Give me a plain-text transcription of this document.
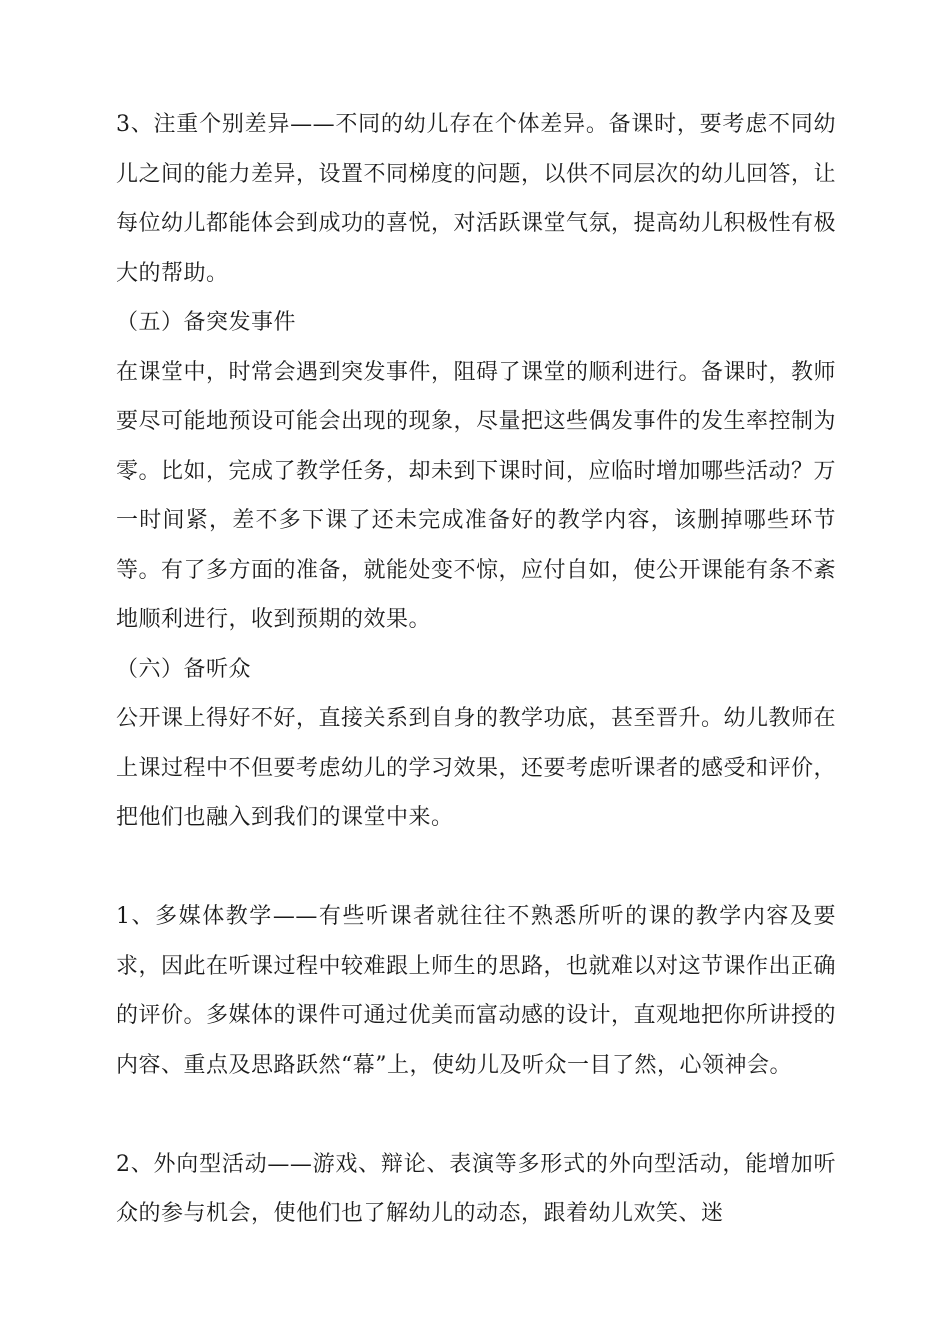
3、注重个别差异——不同的幼儿存在个体差异。备课时，要考虑不同幼儿之间的能力差异，设置不同梯度的问题，以供不同层次的幼儿回答，让每位幼儿都能体会到成功的喜悦，对活跃课堂气氛，提高幼儿积极性有极大的帮助。

（五）备突发事件

在课堂中，时常会遇到突发事件，阻碍了课堂的顺利进行。备课时，教师要尽可能地预设可能会出现的现象，尽量把这些偶发事件的发生率控制为零。比如，完成了教学任务，却未到下课时间，应临时增加哪些活动？万一时间紧，差不多下课了还未完成准备好的教学内容，该删掉哪些环节等。有了多方面的准备，就能处变不惊，应付自如，使公开课能有条不紊地顺利进行，收到预期的效果。

（六）备听众

公开课上得好不好，直接关系到自身的教学功底，甚至晋升。幼儿教师在上课过程中不但要考虑幼儿的学习效果，还要考虑听课者的感受和评价，把他们也融入到我们的课堂中来。

1、多媒体教学——有些听课者就往往不熟悉所听的课的教学内容及要求，因此在听课过程中较难跟上师生的思路，也就难以对这节课作出正确的评价。多媒体的课件可通过优美而富动感的设计，直观地把你所讲授的内容、重点及思路跃然“幕”上，使幼儿及听众一目了然，心领神会。

2、外向型活动——游戏、辩论、表演等多形式的外向型活动，能增加听众的参与机会，使他们也了解幼儿的动态，跟着幼儿欢笑、迷
